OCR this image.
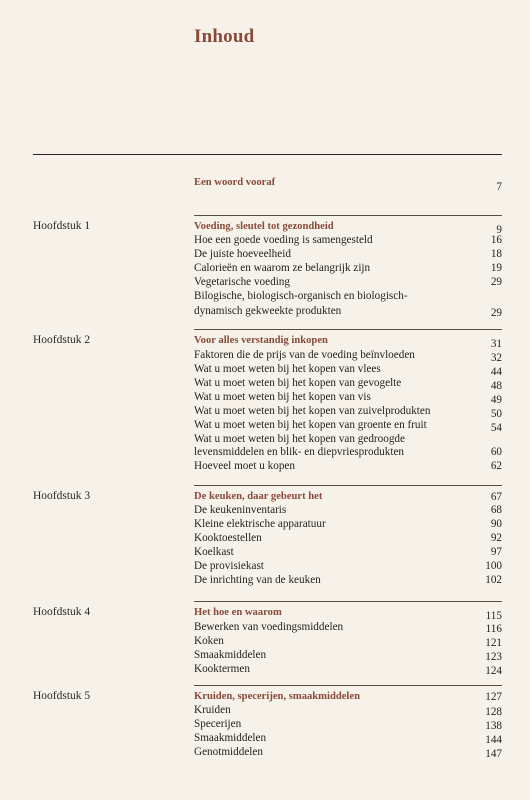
Inhoud
Een woord vooraf	7
Hoofdstuk 1	Voeding, sleutel tot gezondheid	9
Hoe een goede voeding is samengesteld	16
De juiste hoeveelheid	18
Calorieën en waarom ze belangrijk zijn	19
Vegetarische voeding	29
Bilogische, biologisch-organisch en biologisch-
dynamisch gekweekte produkten	29
Hoofdstuk 2	Voor alles verstandig inkopen	31
Faktoren die de prijs van de voeding beïnvloeden	32
Wat u moet weten bij het kopen van vlees	44
Wat u moet weten bij het kopen van gevogelte	48
Wat u moet weten bij het kopen van vis	49
Wat u moet weten bij het kopen van zuivelprodukten	50
Wat u moet weten bij het kopen van groente en fruit	54
Wat u moet weten bij het kopen van gedroogde
levensmiddelen en blik- en diepvriesprodukten	60
Hoeveel moet u kopen	62
Hoofdstuk 3	De keuken, daar gebeurt het	67
De keukeninventaris	68
Kleine elektrische apparatuur	90
Kooktoestellen	92
Koelkast	97
De provisiekast	100
De inrichting van de keuken	102
Hoofdstuk 4	Het hoe en waarom	115
Bewerken van voedingsmiddelen	116
Koken	121
Smaakmiddelen	123
Kooktermen	124
Hoofdstuk 5	Kruiden, specerijen, smaakmiddelen	127
Kruiden	128
Specerijen	138
Smaakmiddelen	144
Genotmiddelen	147
